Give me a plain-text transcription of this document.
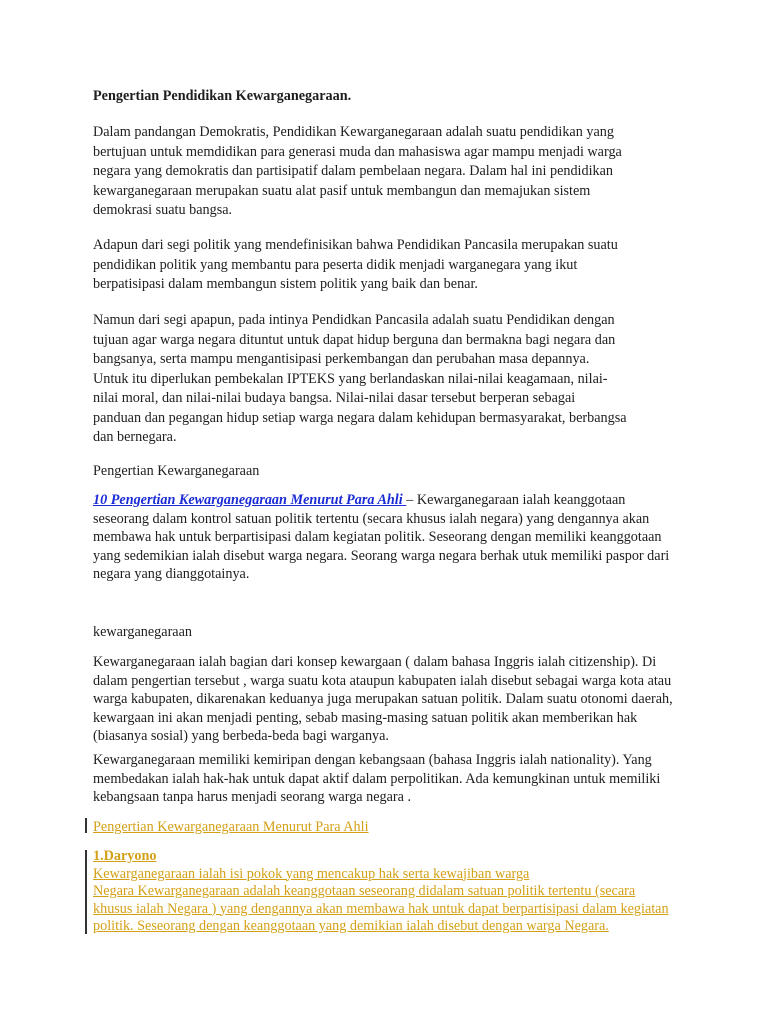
Pengertian Pendidikan Kewarganegaraan.
Dalam pandangan Demokratis, Pendidikan Kewarganegaraan adalah suatu pendidikan yang
bertujuan untuk memdidikan para generasi muda dan mahasiswa agar mampu menjadi warga
negara yang demokratis dan partisipatif dalam pembelaan negara. Dalam hal ini pendidikan
kewarganegaraan merupakan suatu alat pasif untuk membangun dan memajukan sistem
demokrasi suatu bangsa.
Adapun dari segi politik yang mendefinisikan bahwa Pendidikan Pancasila merupakan suatu
pendidikan politik yang membantu para peserta didik menjadi warganegara yang ikut
berpatisipasi dalam membangun sistem politik yang baik dan benar.
Namun dari segi apapun, pada intinya Pendidkan Pancasila adalah suatu Pendidikan dengan
tujuan agar warga negara dituntut untuk dapat hidup berguna dan bermakna bagi negara dan
bangsanya, serta mampu mengantisipasi perkembangan dan perubahan masa depannya.
Untuk itu diperlukan pembekalan IPTEKS yang berlandaskan nilai-nilai keagamaan, nilai-
nilai moral, dan nilai-nilai budaya bangsa. Nilai-nilai dasar tersebut berperan sebagai
panduan dan pegangan hidup setiap warga negara dalam kehidupan bermasyarakat, berbangsa
dan bernegara.
Pengertian Kewarganegaraan
10 Pengertian Kewarganegaraan Menurut Para Ahli – Kewarganegaraan ialah keanggotaan
seseorang dalam kontrol satuan politik tertentu (secara khusus ialah negara) yang dengannya akan
membawa hak untuk berpartisipasi dalam kegiatan politik. Seseorang dengan memiliki keanggotaan
yang sedemikian ialah disebut warga negara. Seorang warga negara berhak utuk memiliki paspor dari
negara yang dianggotainya.
kewarganegaraan
Kewarganegaraan ialah bagian dari konsep kewargaan ( dalam bahasa Inggris ialah citizenship). Di
dalam pengertian tersebut , warga suatu kota ataupun kabupaten ialah disebut sebagai warga kota atau
warga kabupaten, dikarenakan keduanya juga merupakan satuan politik. Dalam suatu otonomi daerah,
kewargaan ini akan menjadi penting, sebab masing-masing satuan politik akan memberikan hak
(biasanya sosial) yang berbeda-beda bagi warganya.
Kewarganegaraan memiliki kemiripan dengan kebangsaan (bahasa Inggris ialah nationality). Yang
membedakan ialah hak-hak untuk dapat aktif dalam perpolitikan. Ada kemungkinan untuk memiliki
kebangsaan tanpa harus menjadi seorang warga negara .
Pengertian Kewarganegaraan Menurut Para Ahli
1.Daryono
Kewarganegaraan ialah isi pokok yang mencakup hak serta kewajiban warga
Negara Kewarganegaraan adalah keanggotaan seseorang didalam satuan politik tertentu (secara
khusus ialah Negara ) yang dengannya akan membawa hak untuk dapat berpartisipasi dalam kegiatan
politik. Seseorang dengan keanggotaan yang demikian ialah disebut dengan warga Negara.
